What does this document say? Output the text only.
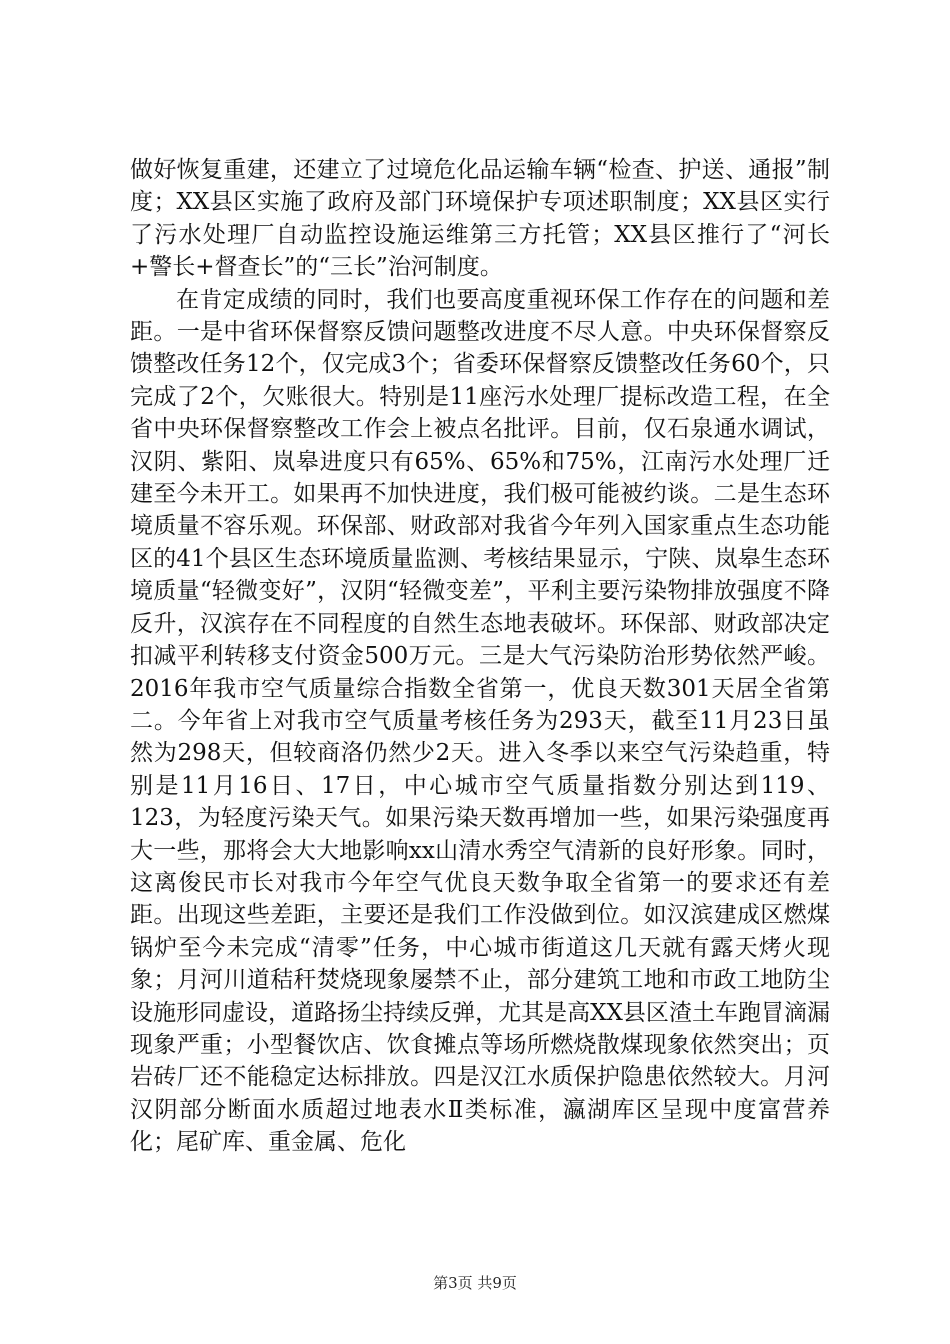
做好恢复重建，还建立了过境危化品运输车辆“检查、护送、通报”制度；XX县区实施了政府及部门环境保护专项述职制度；XX县区实行了污水处理厂自动监控设施运维第三方托管；XX县区推行了“河长+警长+督查长”的“三长”治河制度。

在肯定成绩的同时，我们也要高度重视环保工作存在的问题和差距。一是中省环保督察反馈问题整改进度不尽人意。中央环保督察反馈整改任务12个，仅完成3个；省委环保督察反馈整改任务60个，只完成了2个，欠账很大。特别是11座污水处理厂提标改造工程，在全省中央环保督察整改工作会上被点名批评。目前，仅石泉通水调试，汉阴、紫阳、岚皋进度只有65%、65%和75%，江南污水处理厂迁建至今未开工。如果再不加快进度，我们极可能被约谈。二是生态环境质量不容乐观。环保部、财政部对我省今年列入国家重点生态功能区的41个县区生态环境质量监测、考核结果显示，宁陕、岚皋生态环境质量“轻微变好”，汉阴“轻微变差”，平利主要污染物排放强度不降反升，汉滨存在不同程度的自然生态地表破坏。环保部、财政部决定扣减平利转移支付资金500万元。三是大气污染防治形势依然严峻。2016年我市空气质量综合指数全省第一，优良天数301天居全省第二。今年省上对我市空气质量考核任务为293天，截至11月23日虽然为298天，但较商洛仍然少2天。进入冬季以来空气污染趋重，特别是11月16日、17日，中心城市空气质量指数分别达到119、123，为轻度污染天气。如果污染天数再增加一些，如果污染强度再大一些，那将会大大地影响xx山清水秀空气清新的良好形象。同时，这离俊民市长对我市今年空气优良天数争取全省第一的要求还有差距。出现这些差距，主要还是我们工作没做到位。如汉滨建成区燃煤锅炉至今未完成“清零”任务，中心城市街道这几天就有露天烤火现象；月河川道秸秆焚烧现象屡禁不止，部分建筑工地和市政工地防尘设施形同虚设，道路扬尘持续反弹，尤其是高XX县区渣土车跑冒滴漏现象严重；小型餐饮店、饮食摊点等场所燃烧散煤现象依然突出；页岩砖厂还不能稳定达标排放。四是汉江水质保护隐患依然较大。月河汉阴部分断面水质超过地表水Ⅱ类标准，瀛湖库区呈现中度富营养化；尾矿库、重金属、危化

第3页 共9页
